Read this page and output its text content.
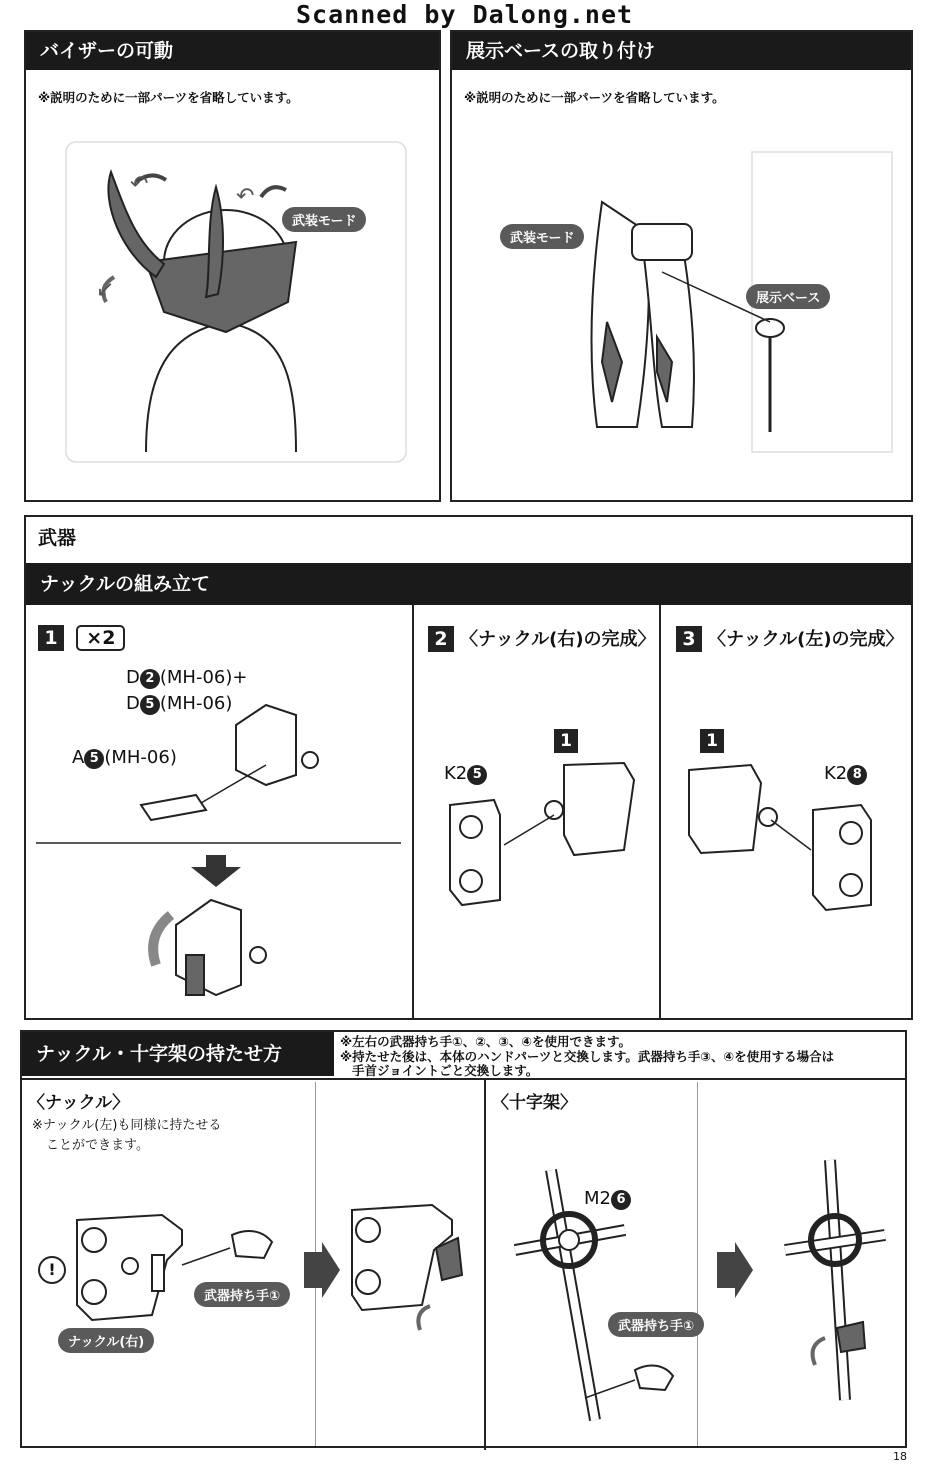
Scanned by Dalong.net
バイザーの可動
※説明のために一部パーツを省略しています。
武装モード
↶	↶
↙
展示ベースの取り付け
※説明のために一部パーツを省略しています。
武装モード
展示ベース
武器
ナックルの組み立て
1 ×2
D 2 (MH-06)+
D 5 (MH-06)
A 5 (MH-06)
2 〈ナックル(右)の完成〉
1
K2 5
3 〈ナックル(左)の完成〉
1
K2 8
ナックル・十字架の持たせ方
※左右の武器持ち手①、②、③、④を使用できます。
※持たせた後は、本体のハンドパーツと交換します。武器持ち手③、④を使用する場合は
手首ジョイントごと交換します。
〈ナックル〉
※ナックル(左)も同様に持たせる
ことができます。
!
武器持ち手①
ナックル(右)
〈十字架〉
M2 6
武器持ち手①
18
